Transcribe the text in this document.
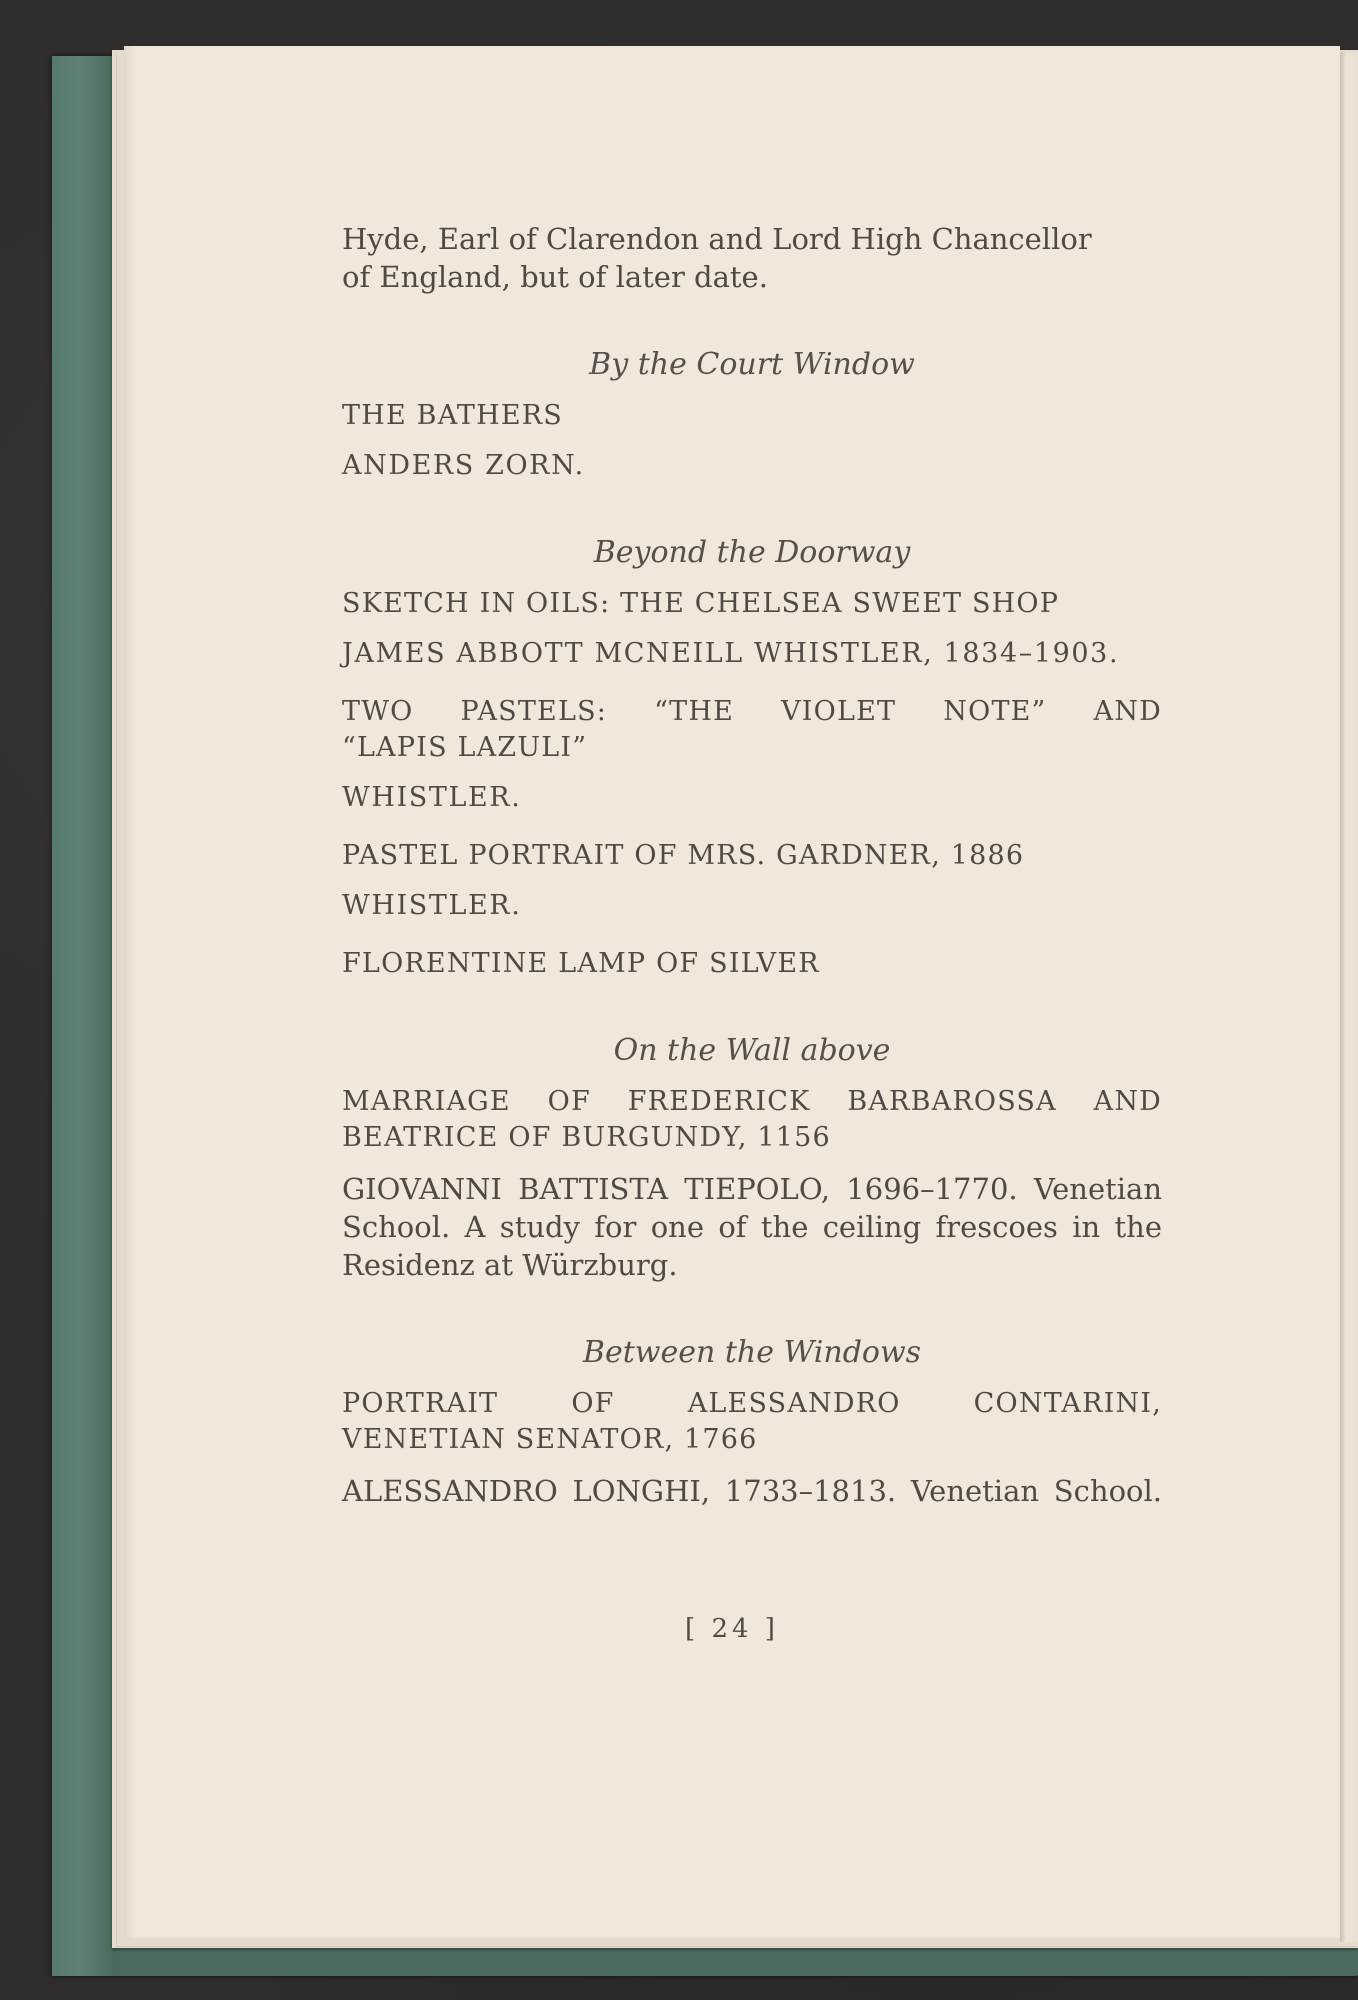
[ 24 ]

Hyde, Earl of Clarendon and Lord High Chancellor

of England, but of later date.

By the Court Window

THE BATHERS

ANDERS ZORN.

Beyond the Doorway

SKETCH IN OILS: THE CHELSEA SWEET SHOP

JAMES ABBOTT MCNEILL WHISTLER, 1834–1903.

TWO PASTELS: “THE VIOLET NOTE” AND

“LAPIS LAZULI”

WHISTLER.

PASTEL PORTRAIT OF MRS. GARDNER, 1886

WHISTLER.

FLORENTINE LAMP OF SILVER

On the Wall above

MARRIAGE OF FREDERICK BARBAROSSA AND

BEATRICE OF BURGUNDY, 1156

GIOVANNI BATTISTA TIEPOLO, 1696–1770. Venetian

School. A study for one of the ceiling frescoes in the

Residenz at Würzburg.

Between the Windows

PORTRAIT OF ALESSANDRO CONTARINI,

VENETIAN SENATOR, 1766

ALESSANDRO LONGHI, 1733–1813. Venetian School.
